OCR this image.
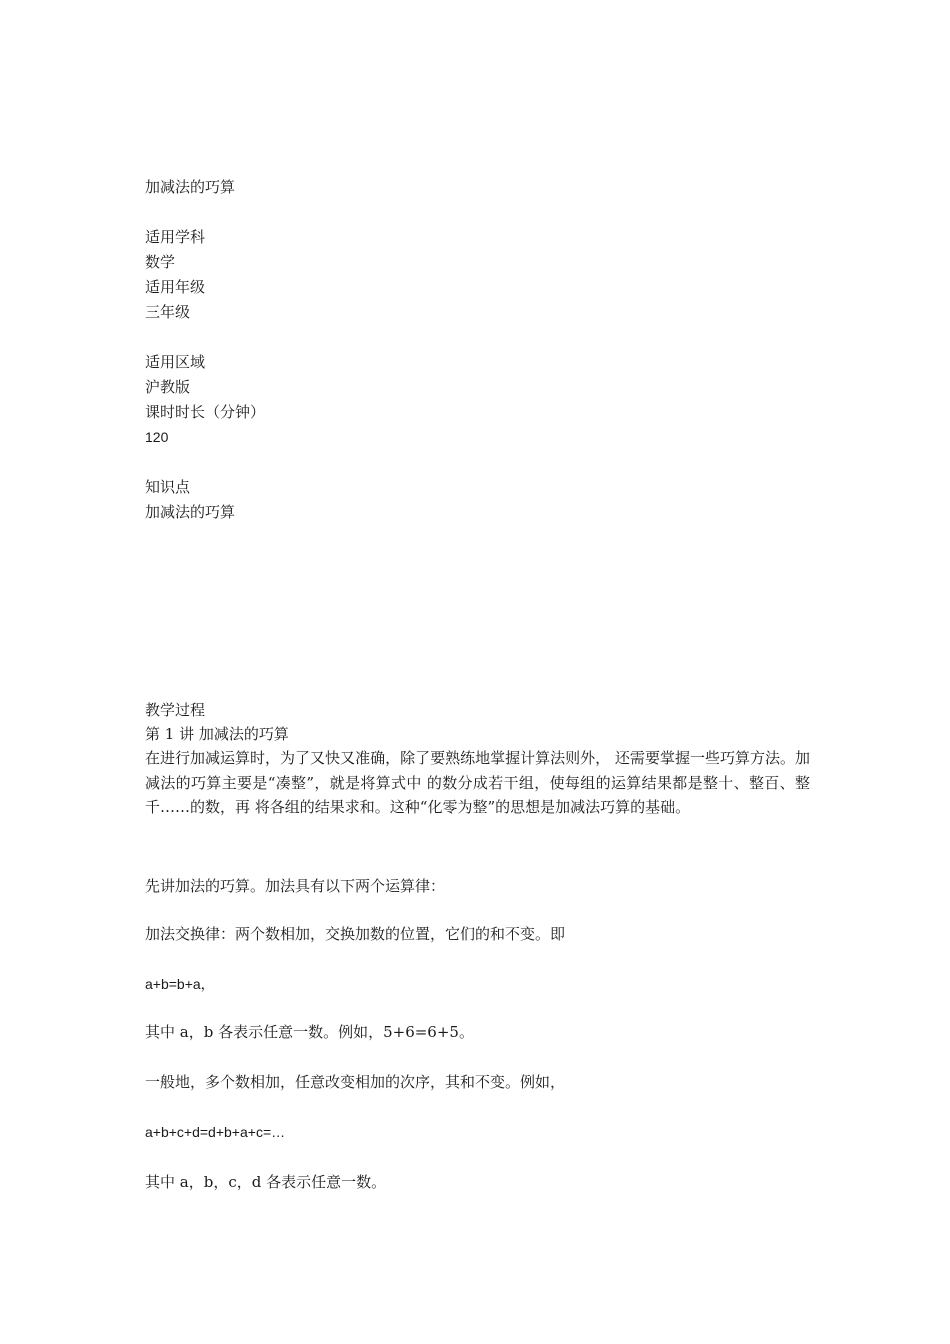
加减法的巧算
适用学科
数学
适用年级
三年级
适用区域
沪教版
课时时长（分钟）
120
知识点
加减法的巧算
教学过程
第 1 讲 加减法的巧算
在进行加减运算时，为了又快又准确，除了要熟练地掌握计算法则外， 还需要掌握一些巧算方法。加减法的巧算主要是“凑整”，就是将算式中 的数分成若干组，使每组的运算结果都是整十、整百、整千……的数，再 将各组的结果求和。这种“化零为整”的思想是加减法巧算的基础。
先讲加法的巧算。加法具有以下两个运算律：
加法交换律：两个数相加，交换加数的位置，它们的和不变。即
a+b=b+a，
其中 a，b 各表示任意一数。例如，5+6=6+5。
一般地，多个数相加，任意改变相加的次序，其和不变。例如，
a+b+c+d=d+b+a+c=…
其中 a，b，c，d 各表示任意一数。
